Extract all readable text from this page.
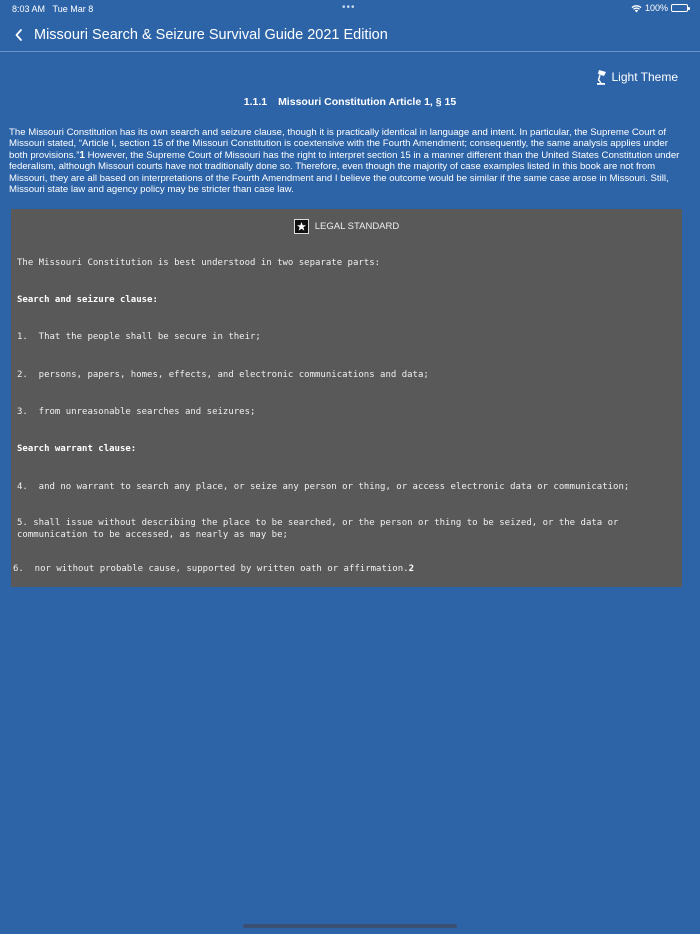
8:03 AM Tue Mar 8	•••	100%
Missouri Search & Seizure Survival Guide 2021 Edition
Light Theme
1.1.1 Missouri Constitution Article 1, § 15

The Missouri Constitution has its own search and seizure clause, though it is practically identical in language and intent. In particular, the Supreme Court of Missouri stated, “Article I, section 15 of the Missouri Constitution is coextensive with the Fourth Amendment; consequently, the same analysis applies under both provisions.”1 However, the Supreme Court of Missouri has the right to interpret section 15 in a manner different than the United States Constitution under federalism, although Missouri courts have not traditionally done so. Therefore, even though the majority of case examples listed in this book are not from Missouri, they are all based on interpretations of the Fourth Amendment and I believe the outcome would be similar if the same case arose in Missouri. Still, Missouri state law and agency policy may be stricter than case law.

LEGAL STANDARD
The Missouri Constitution is best understood in two separate parts:
Search and seizure clause:
1.  That the people shall be secure in their;
2.  persons, papers, homes, effects, and electronic communications and data;
3.  from unreasonable searches and seizures;
Search warrant clause:
4.  and no warrant to search any place, or seize any person or thing, or access electronic data or communication;
5. shall issue without describing the place to be searched, or the person or thing to be seized, or the data or communication to be accessed, as nearly as may be;
6.  nor without probable cause, supported by written oath or affirmation.2
